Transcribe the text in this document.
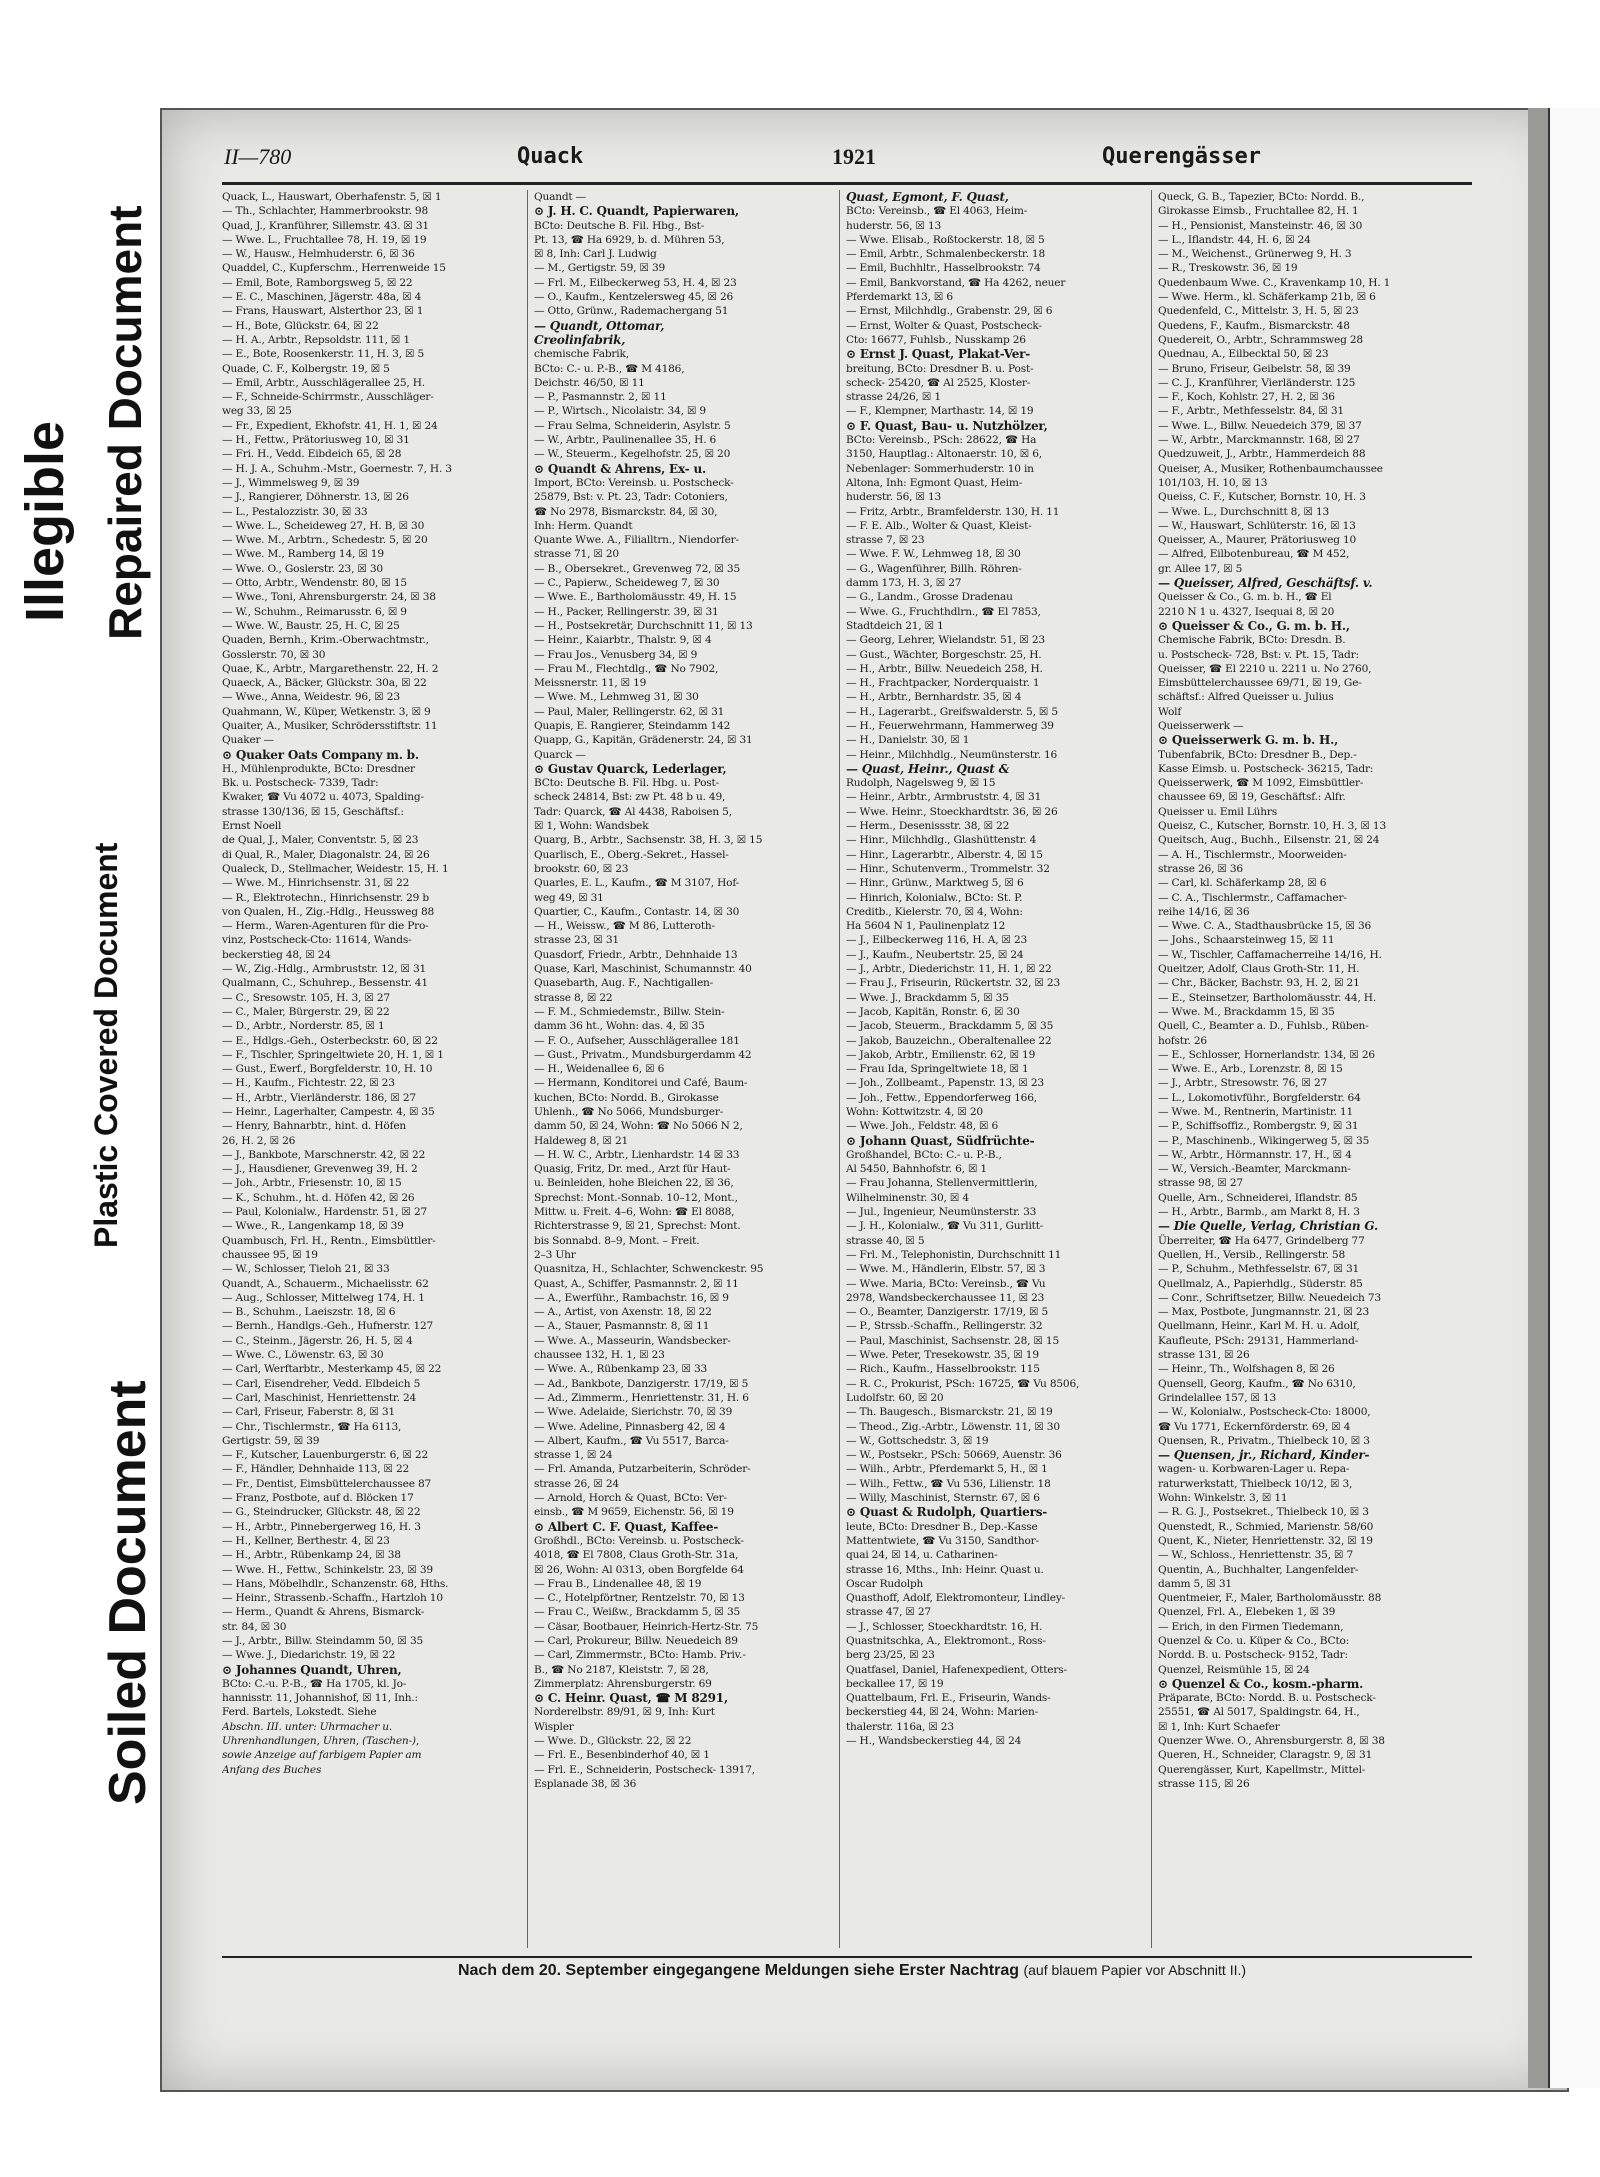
Illegible Repaired Document
Plastic Covered Document
Soiled Document
II—780	Quack	1921	Querengässer
Quack, L., Hauswart, Oberhafenstr. 5, ☒ 1
— Th., Schlachter, Hammerbrookstr. 98
Quad, J., Kranführer, Sillemstr. 43. ☒ 31
— Wwe. L., Fruchtallee 78, H. 19, ☒ 19
— W., Hausw., Helmhuderstr. 6, ☒ 36
Quaddel, C., Kupferschm., Herrenweide 15
— Emil, Bote, Ramborgsweg 5, ☒ 22
— E. C., Maschinen, Jägerstr. 48a, ☒ 4
— Frans, Hauswart, Alsterthor 23, ☒ 1
— H., Bote, Glückstr. 64, ☒ 22
— H. A., Arbtr., Repsoldstr. 111, ☒ 1
— E., Bote, Roosenkerstr. 11, H. 3, ☒ 5
Quade, C. F., Kolbergstr. 19, ☒ 5
— Emil, Arbtr., Ausschlägerallee 25, H.
— F., Schneide-Schirrmstr., Ausschläger-
weg 33, ☒ 25
— Fr., Expedient, Ekhofstr. 41, H. 1, ☒ 24
— H., Fettw., Prätoriusweg 10, ☒ 31
— Fri. H., Vedd. Eibdeich 65, ☒ 28
— H. J. A., Schuhm.-Mstr., Goernestr. 7, H. 3
— J., Wimmelsweg 9, ☒ 39
— J., Rangierer, Döhnerstr. 13, ☒ 26
— L., Pestalozzistr. 30, ☒ 33
— Wwe. L., Scheideweg 27, H. B, ☒ 30
— Wwe. M., Arbtrn., Schedestr. 5, ☒ 20
— Wwe. M., Ramberg 14, ☒ 19
— Wwe. O., Goslerstr. 23, ☒ 30
— Otto, Arbtr., Wendenstr. 80, ☒ 15
— Wwe., Toni, Ahrensburgerstr. 24, ☒ 38
— W., Schuhm., Reimarusstr. 6, ☒ 9
— Wwe. W., Baustr. 25, H. C, ☒ 25
Quaden, Bernh., Krim.-Oberwachtmstr.,
Gosslerstr. 70, ☒ 30
Quae, K., Arbtr., Margarethenstr. 22, H. 2
Quaeck, A., Bäcker, Glückstr. 30a, ☒ 22
— Wwe., Anna, Weidestr. 96, ☒ 23
Quahmann, W., Küper, Wetkenstr. 3, ☒ 9
Quaiter, A., Musiker, Schrödersstiftstr. 11
Quaker —
⊙ Quaker Oats Company m. b.
H., Mühlenprodukte, BCto: Dresdner
Bk. u. Postscheck- 7339, Tadr:
Kwaker, ☎ Vu 4072 u. 4073, Spalding-
strasse 130/136, ☒ 15, Geschäftsf.:
Ernst Noell
de Qual, J., Maler, Conventstr. 5, ☒ 23
di Qual, R., Maler, Diagonalstr. 24, ☒ 26
Qualeck, D., Stellmacher, Weidestr. 15, H. 1
— Wwe. M., Hinrichsenstr. 31, ☒ 22
— R., Elektrotechn., Hinrichsenstr. 29 b
von Qualen, H., Zig.-Hdlg., Heussweg 88
— Herm., Waren-Agenturen für die Pro-
vinz, Postscheck-Cto: 11614, Wands-
beckerstieg 48, ☒ 24
— W., Zig.-Hdlg., Armbruststr. 12, ☒ 31
Qualmann, C., Schuhrep., Bessenstr. 41
— C., Sresowstr. 105, H. 3, ☒ 27
— C., Maler, Bürgerstr. 29, ☒ 22
— D., Arbtr., Norderstr. 85, ☒ 1
— E., Hdlgs.-Geh., Osterbeckstr. 60, ☒ 22
— F., Tischler, Springeltwiete 20, H. 1, ☒ 1
— Gust., Ewerf., Borgfelderstr. 10, H. 10
— H., Kaufm., Fichtestr. 22, ☒ 23
— H., Arbtr., Vierländerstr. 186, ☒ 27
— Heinr., Lagerhalter, Campestr. 4, ☒ 35
— Henry, Bahnarbtr., hint. d. Höfen
26, H. 2, ☒ 26
— J., Bankbote, Marschnerstr. 42, ☒ 22
— J., Hausdiener, Grevenweg 39, H. 2
— Joh., Arbtr., Friesenstr. 10, ☒ 15
— K., Schuhm., ht. d. Höfen 42, ☒ 26
— Paul, Kolonialw., Hardenstr. 51, ☒ 27
— Wwe., R., Langenkamp 18, ☒ 39
Quambusch, Frl. H., Rentn., Eimsbüttler-
chaussee 95, ☒ 19
— W., Schlosser, Tieloh 21, ☒ 33
Quandt, A., Schauerm., Michaelisstr. 62
— Aug., Schlosser, Mittelweg 174, H. 1
— B., Schuhm., Laeiszstr. 18, ☒ 6
— Bernh., Handlgs.-Geh., Hufnerstr. 127
— C., Steinm., Jägerstr. 26, H. 5, ☒ 4
— Wwe. C., Löwenstr. 63, ☒ 30
— Carl, Werftarbtr., Mesterkamp 45, ☒ 22
— Carl, Eisendreher, Vedd. Elbdeich 5
— Carl, Maschinist, Henriettenstr. 24
— Carl, Friseur, Faberstr. 8, ☒ 31
— Chr., Tischlermstr., ☎ Ha 6113,
Gertigstr. 59, ☒ 39
— F., Kutscher, Lauenburgerstr. 6, ☒ 22
— F., Händler, Dehnhaide 113, ☒ 22
— Fr., Dentist, Eimsbüttelerchaussee 87
— Franz, Postbote, auf d. Blöcken 17
— G., Steindrucker, Glückstr. 48, ☒ 22
— H., Arbtr., Pinnebergerweg 16, H. 3
— H., Kellner, Berthestr. 4, ☒ 23
— H., Arbtr., Rübenkamp 24, ☒ 38
— Wwe. H., Fettw., Schinkelstr. 23, ☒ 39
— Hans, Möbelhdlr., Schanzenstr. 68, Hths.
— Heinr., Strassenb.-Schaffn., Hartzloh 10
— Herm., Quandt & Ahrens, Bismarck-
str. 84, ☒ 30
— J., Arbtr., Billw. Steindamm 50, ☒ 35
— Wwe. J., Diedarichstr. 19, ☒ 22
⊙ Johannes Quandt, Uhren,
BCto: C.-u. P.-B., ☎ Ha 1705, kl. Jo-
hannisstr. 11, Johannishof, ☒ 11, Inh.:
Ferd. Bartels, Lokstedt. Siehe
Abschn. III. unter: Uhrmacher u.
Uhrenhandlungen, Uhren, (Taschen-),
sowie Anzeige auf farbigem Papier am
Anfang des Buches
Quandt —
⊙ J. H. C. Quandt, Papierwaren,
BCto: Deutsche B. Fil. Hbg., Bst-
Pt. 13, ☎ Ha 6929, b. d. Mühren 53,
☒ 8, Inh: Carl J. Ludwig
— M., Gertigstr. 59, ☒ 39
— Frl. M., Eilbeckerweg 53, H. 4, ☒ 23
— O., Kaufm., Kentzelersweg 45, ☒ 26
— Otto, Grünw., Rademachergang 51
— Quandt, Ottomar,
Creolinfabrik,
chemische Fabrik,
BCto: C.- u. P.-B., ☎ M 4186,
Deichstr. 46/50, ☒ 11
— P., Pasmannstr. 2, ☒ 11
— P., Wirtsch., Nicolaistr. 34, ☒ 9
— Frau Selma, Schneiderin, Asylstr. 5
— W., Arbtr., Paulinenallee 35, H. 6
— W., Steuerm., Kegelhofstr. 25, ☒ 20
⊙ Quandt & Ahrens, Ex- u.
Import, BCto: Vereinsb. u. Postscheck-
25879, Bst: v. Pt. 23, Tadr: Cotoniers,
☎ No 2978, Bismarckstr. 84, ☒ 30,
Inh: Herm. Quandt
Quante Wwe. A., Filialltrn., Niendorfer-
strasse 71, ☒ 20
— B., Obersekret., Grevenweg 72, ☒ 35
— C., Papierw., Scheideweg 7, ☒ 30
— Wwe. E., Bartholomäusstr. 49, H. 15
— H., Packer, Rellingerstr. 39, ☒ 31
— H., Postsekretär, Durchschnitt 11, ☒ 13
— Heinr., Kaiarbtr., Thalstr. 9, ☒ 4
— Frau Jos., Venusberg 34, ☒ 9
— Frau M., Flechtdlg., ☎ No 7902,
Meissnerstr. 11, ☒ 19
— Wwe. M., Lehmweg 31, ☒ 30
— Paul, Maler, Rellingerstr. 62, ☒ 31
Quapis, E. Rangierer, Steindamm 142
Quapp, G., Kapitän, Grädenerstr. 24, ☒ 31
Quarck —
⊙ Gustav Quarck, Lederlager,
BCto: Deutsche B. Fil. Hbg. u. Post-
scheck 24814, Bst: zw Pt. 48 b u. 49,
Tadr: Quarck, ☎ Al 4438, Raboisen 5,
☒ 1, Wohn: Wandsbek
Quarg, B., Arbtr., Sachsenstr. 38, H. 3, ☒ 15
Quarlisch, E., Oberg.-Sekret., Hassel-
brookstr. 60, ☒ 23
Quarles, E. L., Kaufm., ☎ M 3107, Hof-
weg 49, ☒ 31
Quartier, C., Kaufm., Contastr. 14, ☒ 30
— H., Weissw., ☎ M 86, Lutteroth-
strasse 23, ☒ 31
Quasdorf, Friedr., Arbtr., Dehnhaide 13
Quase, Karl, Maschinist, Schumannstr. 40
Quasebarth, Aug. F., Nachtigallen-
strasse 8, ☒ 22
— F. M., Schmiedemstr., Billw. Stein-
damm 36 ht., Wohn: das. 4, ☒ 35
— F. O., Aufseher, Ausschlägerallee 181
— Gust., Privatm., Mundsburgerdamm 42
— H., Weidenallee 6, ☒ 6
— Hermann, Konditorei und Café, Baum-
kuchen, BCto: Nordd. B., Girokasse
Uhlenh., ☎ No 5066, Mundsburger-
damm 50, ☒ 24, Wohn: ☎ No 5066 N 2,
Haldeweg 8, ☒ 21
— H. W. C., Arbtr., Lienhardstr. 14 ☒ 33
Quasig, Fritz, Dr. med., Arzt für Haut-
u. Beinleiden, hohe Bleichen 22, ☒ 36,
Sprechst: Mont.-Sonnab. 10–12, Mont.,
Mittw. u. Freit. 4–6, Wohn: ☎ El 8088,
Richterstrasse 9, ☒ 21, Sprechst: Mont.
bis Sonnabd. 8–9, Mont. – Freit.
2–3 Uhr
Quasnitza, H., Schlachter, Schwenckestr. 95
Quast, A., Schiffer, Pasmannstr. 2, ☒ 11
— A., Ewerführ., Rambachstr. 16, ☒ 9
— A., Artist, von Axenstr. 18, ☒ 22
— A., Stauer, Pasmannstr. 8, ☒ 11
— Wwe. A., Masseurin, Wandsbecker-
chaussee 132, H. 1, ☒ 23
— Wwe. A., Rübenkamp 23, ☒ 33
— Ad., Bankbote, Danzigerstr. 17/19, ☒ 5
— Ad., Zimmerm., Henriettenstr. 31, H. 6
— Wwe. Adelaide, Sierichstr. 70, ☒ 39
— Wwe. Adeline, Pinnasberg 42, ☒ 4
— Albert, Kaufm., ☎ Vu 5517, Barca-
strasse 1, ☒ 24
— Frl. Amanda, Putzarbeiterin, Schröder-
strasse 26, ☒ 24
— Arnold, Horch & Quast, BCto: Ver-
einsb., ☎ M 9659, Eichenstr. 56, ☒ 19
⊙ Albert C. F. Quast, Kaffee-
Großhdl., BCto: Vereinsb. u. Postscheck-
4018, ☎ El 7808, Claus Groth-Str. 31a,
☒ 26, Wohn: Al 0313, oben Borgfelde 64
— Frau B., Lindenallee 48, ☒ 19
— C., Hotelpförtner, Rentzelstr. 70, ☒ 13
— Frau C., Weißw., Brackdamm 5, ☒ 35
— Cäsar, Bootbauer, Heinrich-Hertz-Str. 75
— Carl, Prokureur, Billw. Neuedeich 89
— Carl, Zimmermstr., BCto: Hamb. Priv.-
B., ☎ No 2187, Kleiststr. 7, ☒ 28,
Zimmerplatz: Ahrensburgerstr. 69
⊙ C. Heinr. Quast, ☎ M 8291,
Norderelbstr. 89/91, ☒ 9, Inh: Kurt
Wispler
— Wwe. D., Glückstr. 22, ☒ 22
— Frl. E., Besenbinderhof 40, ☒ 1
— Frl. E., Schneiderin, Postscheck- 13917,
Esplanade 38, ☒ 36
Quast, Egmont, F. Quast,
BCto: Vereinsb., ☎ El 4063, Heim-
huderstr. 56, ☒ 13
— Wwe. Elisab., Roßtockerstr. 18, ☒ 5
— Emil, Arbtr., Schmalenbeckerstr. 18
— Emil, Buchhltr., Hasselbrookstr. 74
— Emil, Bankvorstand, ☎ Ha 4262, neuer
Pferdemarkt 13, ☒ 6
— Ernst, Milchhdlg., Grabenstr. 29, ☒ 6
— Ernst, Wolter & Quast, Postscheck-
Cto: 16677, Fuhlsb., Nusskamp 26
⊙ Ernst J. Quast, Plakat-Ver-
breitung, BCto: Dresdner B. u. Post-
scheck- 25420, ☎ Al 2525, Kloster-
strasse 24/26, ☒ 1
— F., Klempner, Marthastr. 14, ☒ 19
⊙ F. Quast, Bau- u. Nutzhölzer,
BCto: Vereinsb., PSch: 28622, ☎ Ha
3150, Hauptlag.: Altonaerstr. 10, ☒ 6,
Nebenlager: Sommerhuderstr. 10 in
Altona, Inh: Egmont Quast, Heim-
huderstr. 56, ☒ 13
— Fritz, Arbtr., Bramfelderstr. 130, H. 11
— F. E. Alb., Wolter & Quast, Kleist-
strasse 7, ☒ 23
— Wwe. F. W., Lehmweg 18, ☒ 30
— G., Wagenführer, Billh. Röhren-
damm 173, H. 3, ☒ 27
— G., Landm., Grosse Dradenau
— Wwe. G., Fruchthdlrn., ☎ El 7853,
Stadtdeich 21, ☒ 1
— Georg, Lehrer, Wielandstr. 51, ☒ 23
— Gust., Wächter, Borgeschstr. 25, H.
— H., Arbtr., Billw. Neuedeich 258, H.
— H., Frachtpacker, Norderquaistr. 1
— H., Arbtr., Bernhardstr. 35, ☒ 4
— H., Lagerarbt., Greifswalderstr. 5, ☒ 5
— H., Feuerwehrmann, Hammerweg 39
— H., Danielstr. 30, ☒ 1
— Heinr., Milchhdlg., Neumünsterstr. 16
— Quast, Heinr., Quast &
Rudolph, Nagelsweg 9, ☒ 15
— Heinr., Arbtr., Armbruststr. 4, ☒ 31
— Wwe. Heinr., Stoeckhardtstr. 36, ☒ 26
— Herm., Desenissstr. 38, ☒ 22
— Hinr., Milchhdlg., Glashüttenstr. 4
— Hinr., Lagerarbtr., Alberstr. 4, ☒ 15
— Hinr., Schutenverm., Trommelstr. 32
— Hinr., Grünw., Marktweg 5, ☒ 6
— Hinrich, Kolonialw., BCto: St. P.
Creditb., Kielerstr. 70, ☒ 4, Wohn:
Ha 5604 N 1, Paulinenplatz 12
— J., Eilbeckerweg 116, H. A, ☒ 23
— J., Kaufm., Neubertstr. 25, ☒ 24
— J., Arbtr., Diederichstr. 11, H. 1, ☒ 22
— Frau J., Friseurin, Rückertstr. 32, ☒ 23
— Wwe. J., Brackdamm 5, ☒ 35
— Jacob, Kapitän, Ronstr. 6, ☒ 30
— Jacob, Steuerm., Brackdamm 5, ☒ 35
— Jakob, Bauzeichn., Oberaltenallee 22
— Jakob, Arbtr., Emilienstr. 62, ☒ 19
— Frau Ida, Springeltwiete 18, ☒ 1
— Joh., Zollbeamt., Papenstr. 13, ☒ 23
— Joh., Fettw., Eppendorferweg 166,
Wohn: Kottwitzstr. 4, ☒ 20
— Wwe. Joh., Feldstr. 48, ☒ 6
⊙ Johann Quast, Südfrüchte-
Großhandel, BCto: C.- u. P.-B.,
Al 5450, Bahnhofstr. 6, ☒ 1
— Frau Johanna, Stellenvermittlerin,
Wilhelminenstr. 30, ☒ 4
— Jul., Ingenieur, Neumünsterstr. 33
— J. H., Kolonialw., ☎ Vu 311, Gurlitt-
strasse 40, ☒ 5
— Frl. M., Telephonistin, Durchschnitt 11
— Wwe. M., Händlerin, Elbstr. 57, ☒ 3
— Wwe. Maria, BCto: Vereinsb., ☎ Vu
2978, Wandsbeckerchaussee 11, ☒ 23
— O., Beamter, Danzigerstr. 17/19, ☒ 5
— P., Strssb.-Schaffn., Rellingerstr. 32
— Paul, Maschinist, Sachsenstr. 28, ☒ 15
— Wwe. Peter, Tresekowstr. 35, ☒ 19
— Rich., Kaufm., Hasselbrookstr. 115
— R. C., Prokurist, PSch: 16725, ☎ Vu 8506,
Ludolfstr. 60, ☒ 20
— Th. Baugesch., Bismarckstr. 21, ☒ 19
— Theod., Zig.-Arbtr., Löwenstr. 11, ☒ 30
— W., Gottschedstr. 3, ☒ 19
— W., Postsekr., PSch: 50669, Auenstr. 36
— Wilh., Arbtr., Pferdemarkt 5, H., ☒ 1
— Wilh., Fettw., ☎ Vu 536, Lilienstr. 18
— Willy, Maschinist, Sternstr. 67, ☒ 6
⊙ Quast & Rudolph, Quartiers-
leute, BCto: Dresdner B., Dep.-Kasse
Mattentwiete, ☎ Vu 3150, Sandthor-
quai 24, ☒ 14, u. Catharinen-
strasse 16, Mths., Inh: Heinr. Quast u.
Oscar Rudolph
Quasthoff, Adolf, Elektromonteur, Lindley-
strasse 47, ☒ 27
— J., Schlosser, Stoeckhardtstr. 16, H.
Quastnitschka, A., Elektromont., Ross-
berg 23/25, ☒ 23
Quatfasel, Daniel, Hafenexpedient, Otters-
beckallee 17, ☒ 19
Quattelbaum, Frl. E., Friseurin, Wands-
beckerstieg 44, ☒ 24, Wohn: Marien-
thalerstr. 116a, ☒ 23
— H., Wandsbeckerstieg 44, ☒ 24
Queck, G. B., Tapezier, BCto: Nordd. B.,
Girokasse Eimsb., Fruchtallee 82, H. 1
— H., Pensionist, Mansteinstr. 46, ☒ 30
— L., Iflandstr. 44, H. 6, ☒ 24
— M., Weichenst., Grünerweg 9, H. 3
— R., Treskowstr. 36, ☒ 19
Quedenbaum Wwe. C., Kravenkamp 10, H. 1
— Wwe. Herm., kl. Schäferkamp 21b, ☒ 6
Quedenfeld, C., Mittelstr. 3, H. 5, ☒ 23
Quedens, F., Kaufm., Bismarckstr. 48
Quedereit, O., Arbtr., Schrammsweg 28
Quednau, A., Eilbecktal 50, ☒ 23
— Bruno, Friseur, Geibelstr. 58, ☒ 39
— C. J., Kranführer, Vierländerstr. 125
— F., Koch, Kohlstr. 27, H. 2, ☒ 36
— F., Arbtr., Methfesselstr. 84, ☒ 31
— Wwe. L., Billw. Neuedeich 379, ☒ 37
— W., Arbtr., Marckmannstr. 168, ☒ 27
Quedzuweit, J., Arbtr., Hammerdeich 88
Queiser, A., Musiker, Rothenbaumchaussee
101/103, H. 10, ☒ 13
Queiss, C. F., Kutscher, Bornstr. 10, H. 3
— Wwe. L., Durchschnitt 8, ☒ 13
— W., Hauswart, Schlüterstr. 16, ☒ 13
Queisser, A., Maurer, Prätoriusweg 10
— Alfred, Eilbotenbureau, ☎ M 452,
gr. Allee 17, ☒ 5
— Queisser, Alfred, Geschäftsf. v.
Queisser & Co., G. m. b. H., ☎ El
2210 N 1 u. 4327, Isequai 8, ☒ 20
⊙ Queisser & Co., G. m. b. H.,
Chemische Fabrik, BCto: Dresdn. B.
u. Postscheck- 728, Bst: v. Pt. 15, Tadr:
Queisser, ☎ El 2210 u. 2211 u. No 2760,
Eimsbüttelerchaussee 69/71, ☒ 19, Ge-
schäftsf.: Alfred Queisser u. Julius
Wolf
Queisserwerk —
⊙ Queisserwerk G. m. b. H.,
Tubenfabrik, BCto: Dresdner B., Dep.-
Kasse Eimsb. u. Postscheck- 36215, Tadr:
Queisserwerk, ☎ M 1092, Eimsbüttler-
chaussee 69, ☒ 19, Geschäftsf.: Alfr.
Queisser u. Emil Lührs
Queisz, C., Kutscher, Bornstr. 10, H. 3, ☒ 13
Queitsch, Aug., Buchh., Eilsenstr. 21, ☒ 24
— A. H., Tischlermstr., Moorweiden-
strasse 26, ☒ 36
— Carl, kl. Schäferkamp 28, ☒ 6
— C. A., Tischlermstr., Caffamacher-
reihe 14/16, ☒ 36
— Wwe. C. A., Stadthausbrücke 15, ☒ 36
— Johs., Schaarsteinweg 15, ☒ 11
— W., Tischler, Caffamacherreihe 14/16, H.
Queitzer, Adolf, Claus Groth-Str. 11, H.
— Chr., Bäcker, Bachstr. 93, H. 2, ☒ 21
— E., Steinsetzer, Bartholomäusstr. 44, H.
— Wwe. M., Brackdamm 15, ☒ 35
Quell, C., Beamter a. D., Fuhlsb., Rüben-
hofstr. 26
— E., Schlosser, Hornerlandstr. 134, ☒ 26
— Wwe. E., Arb., Lorenzstr. 8, ☒ 15
— J., Arbtr., Stresowstr. 76, ☒ 27
— L., Lokomotivführ., Borgfelderstr. 64
— Wwe. M., Rentnerin, Martinistr. 11
— P., Schiffsoffiz., Rombergstr. 9, ☒ 31
— P., Maschinenb., Wikingerweg 5, ☒ 35
— W., Arbtr., Hörmannstr. 17, H., ☒ 4
— W., Versich.-Beamter, Marckmann-
strasse 98, ☒ 27
Quelle, Arn., Schneiderei, Iflandstr. 85
— H., Arbtr., Barmb., am Markt 8, H. 3
— Die Quelle, Verlag, Christian G.
Überreiter, ☎ Ha 6477, Grindelberg 77
Quellen, H., Versib., Rellingerstr. 58
— P., Schuhm., Methfesselstr. 67, ☒ 31
Quellmalz, A., Papierhdlg., Süderstr. 85
— Conr., Schriftsetzer, Billw. Neuedeich 73
— Max, Postbote, Jungmannstr. 21, ☒ 23
Quellmann, Heinr., Karl M. H. u. Adolf,
Kaufleute, PSch: 29131, Hammerland-
strasse 131, ☒ 26
— Heinr., Th., Wolfshagen 8, ☒ 26
Quensell, Georg, Kaufm., ☎ No 6310,
Grindelallee 157, ☒ 13
— W., Kolonialw., Postscheck-Cto: 18000,
☎ Vu 1771, Eckernförderstr. 69, ☒ 4
Quensen, R., Privatm., Thielbeck 10, ☒ 3
— Quensen, jr., Richard, Kinder-
wagen- u. Korbwaren-Lager u. Repa-
raturwerkstatt, Thielbeck 10/12, ☒ 3,
Wohn: Winkelstr. 3, ☒ 11
— R. G. J., Postsekret., Thielbeck 10, ☒ 3
Quenstedt, R., Schmied, Marienstr. 58/60
Quent, K., Nieter, Henriettenstr. 32, ☒ 19
— W., Schloss., Henriettenstr. 35, ☒ 7
Quentin, A., Buchhalter, Langenfelder-
damm 5, ☒ 31
Quentmeier, F., Maler, Bartholomäusstr. 88
Quenzel, Frl. A., Elebeken 1, ☒ 39
— Erich, in den Firmen Tiedemann,
Quenzel & Co. u. Küper & Co., BCto:
Nordd. B. u. Postscheck- 9152, Tadr:
Quenzel, Reismühle 15, ☒ 24
⊙ Quenzel & Co., kosm.-pharm.
Präparate, BCto: Nordd. B. u. Postscheck-
25551, ☎ Al 5017, Spaldingstr. 64, H.,
☒ 1, Inh: Kurt Schaefer
Quenzer Wwe. O., Ahrensburgerstr. 8, ☒ 38
Queren, H., Schneider, Claragstr. 9, ☒ 31
Querengässer, Kurt, Kapellmstr., Mittel-
strasse 115, ☒ 26
Nach dem 20. September eingegangene Meldungen siehe Erster Nachtrag (auf blauem Papier vor Abschnitt II.)
